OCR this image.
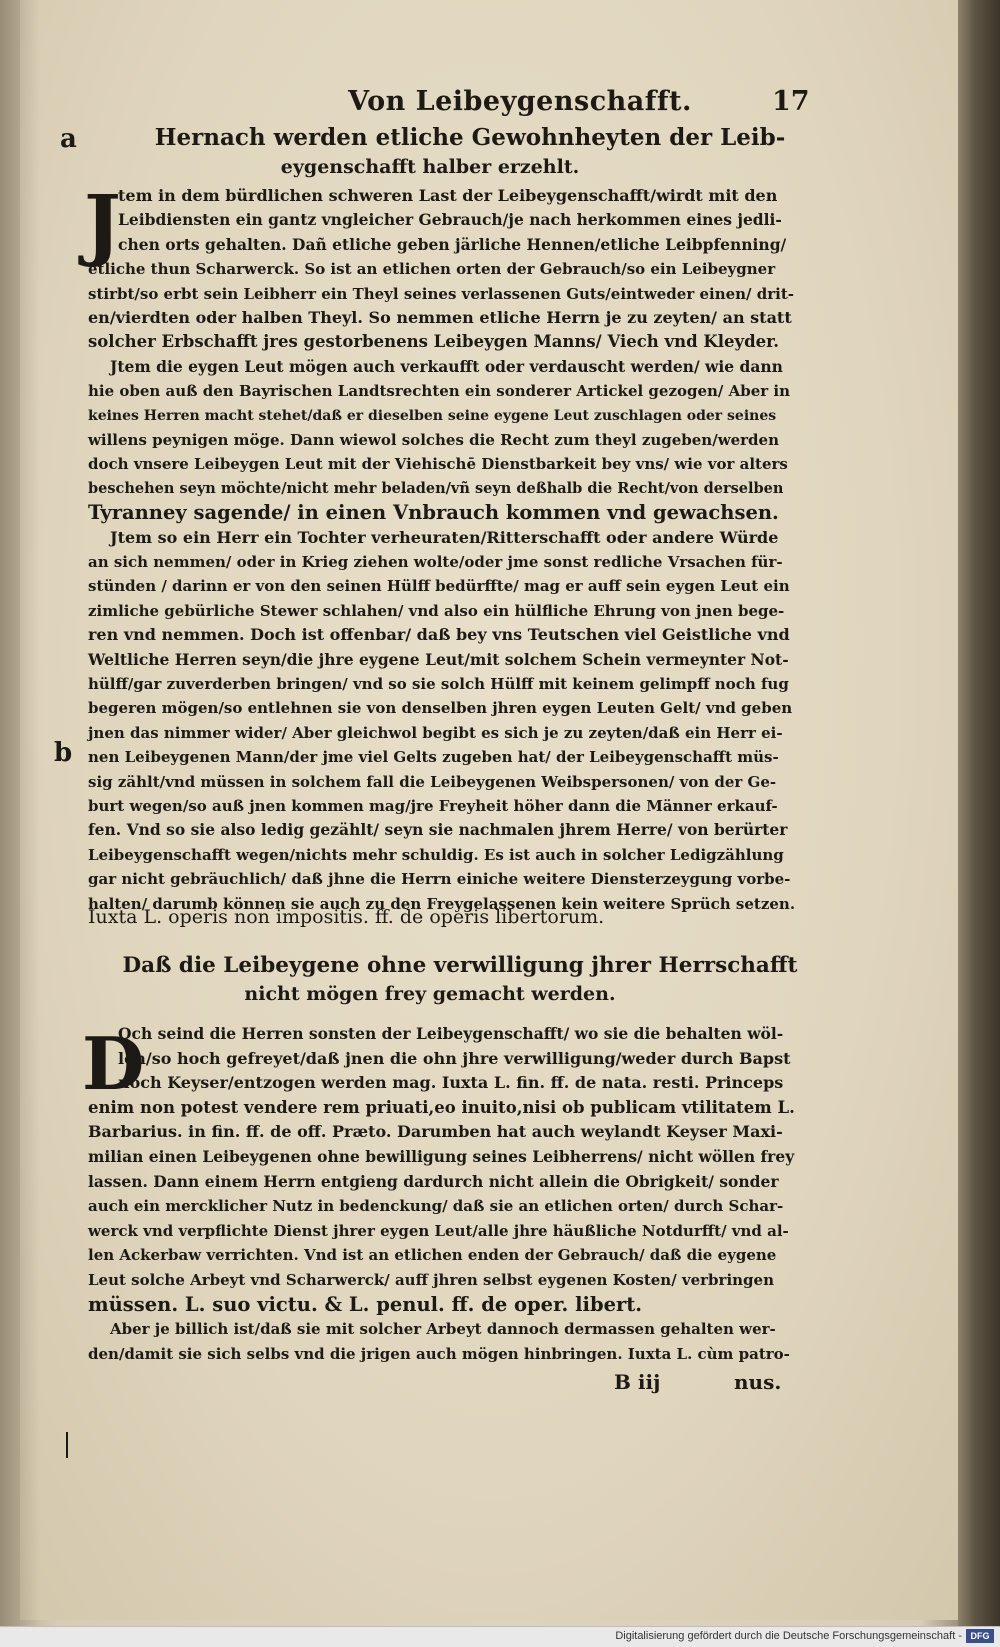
Von Leibeygenschafft.	17
a
b
Hernach werden etliche Gewohnheyten der Leib-
eygenschafft halber erzehlt.
J
tem in dem bürdlichen schweren Last der Leibeygenschafft/wirdt mit den
Leibdiensten ein gantz vngleicher Gebrauch/je nach herkommen eines jedli-
chen orts gehalten. Dañ etliche geben järliche Hennen/etliche Leibpfenning/
etliche thun Scharwerck. So ist an etlichen orten der Gebrauch/so ein Leibeygner
stirbt/so erbt sein Leibherr ein Theyl seines verlassenen Guts/eintweder einen/ drit-
en/vierdten oder halben Theyl. So nemmen etliche Herrn je zu zeyten/ an statt
solcher Erbschafft jres gestorbenens Leibeygen Manns/ Viech vnd Kleyder.
Jtem die eygen Leut mögen auch verkaufft oder verdauscht werden/ wie dann
hie oben auß den Bayrischen Landtsrechten ein sonderer Artickel gezogen/ Aber in
keines Herren macht stehet/daß er dieselben seine eygene Leut zuschlagen oder seines
willens peynigen möge. Dann wiewol solches die Recht zum theyl zugeben/werden
doch vnsere Leibeygen Leut mit der Viehischē Dienstbarkeit bey vns/ wie vor alters
beschehen seyn möchte/nicht mehr beladen/vñ seyn deßhalb die Recht/von derselben
Tyranney sagende/ in einen Vnbrauch kommen vnd gewachsen.
Jtem so ein Herr ein Tochter verheuraten/Ritterschafft oder andere Würde
an sich nemmen/ oder in Krieg ziehen wolte/oder jme sonst redliche Vrsachen für-
stünden / darinn er von den seinen Hülff bedürffte/ mag er auff sein eygen Leut ein
zimliche gebürliche Stewer schlahen/ vnd also ein hülfliche Ehrung von jnen bege-
ren vnd nemmen. Doch ist offenbar/ daß bey vns Teutschen viel Geistliche vnd
Weltliche Herren seyn/die jhre eygene Leut/mit solchem Schein vermeynter Not-
hülff/gar zuverderben bringen/ vnd so sie solch Hülff mit keinem gelimpff noch fug
begeren mögen/so entlehnen sie von denselben jhren eygen Leuten Gelt/ vnd geben
jnen das nimmer wider/ Aber gleichwol begibt es sich je zu zeyten/daß ein Herr ei-
nen Leibeygenen Mann/der jme viel Gelts zugeben hat/ der Leibeygenschafft müs-
sig zählt/vnd müssen in solchem fall die Leibeygenen Weibspersonen/ von der Ge-
burt wegen/so auß jnen kommen mag/jre Freyheit höher dann die Männer erkauf-
fen. Vnd so sie also ledig gezählt/ seyn sie nachmalen jhrem Herre/ von berürter
Leibeygenschafft wegen/nichts mehr schuldig. Es ist auch in solcher Ledigzählung
gar nicht gebräuchlich/ daß jhne die Herrn einiche weitere Diensterzeygung vorbe-
halten/ darumb können sie auch zu den Freygelassenen kein weitere Sprüch setzen.
Iuxta L. operis non impositis. ff. de operis libertorum.
Daß die Leibeygene ohne verwilligung jhrer Herrschafft
nicht mögen frey gemacht werden.
D
Och seind die Herren sonsten der Leibeygenschafft/ wo sie die behalten wöl-
len/so hoch gefreyet/daß jnen die ohn jhre verwilligung/weder durch Bapst
noch Keyser/entzogen werden mag. Iuxta L. fin. ff. de nata. resti. Princeps
enim non potest vendere rem priuati,eo inuito,nisi ob publicam vtilitatem L.
Barbarius. in fin. ff. de off. Præto. Darumben hat auch weylandt Keyser Maxi-
milian einen Leibeygenen ohne bewilligung seines Leibherrens/ nicht wöllen frey
lassen. Dann einem Herrn entgieng dardurch nicht allein die Obrigkeit/ sonder
auch ein mercklicher Nutz in bedenckung/ daß sie an etlichen orten/ durch Schar-
werck vnd verpflichte Dienst jhrer eygen Leut/alle jhre häußliche Notdurfft/ vnd al-
len Ackerbaw verrichten. Vnd ist an etlichen enden der Gebrauch/ daß die eygene
Leut solche Arbeyt vnd Scharwerck/ auff jhren selbst eygenen Kosten/ verbringen
müssen. L. suo victu. & L. penul. ff. de oper. libert.
Aber je billich ist/daß sie mit solcher Arbeyt dannoch dermassen gehalten wer-
den/damit sie sich selbs vnd die jrigen auch mögen hinbringen. Iuxta L. cùm patro-
B iij	nus.
Digitalisierung gefördert durch die Deutsche Forschungsgemeinschaft - DFG
